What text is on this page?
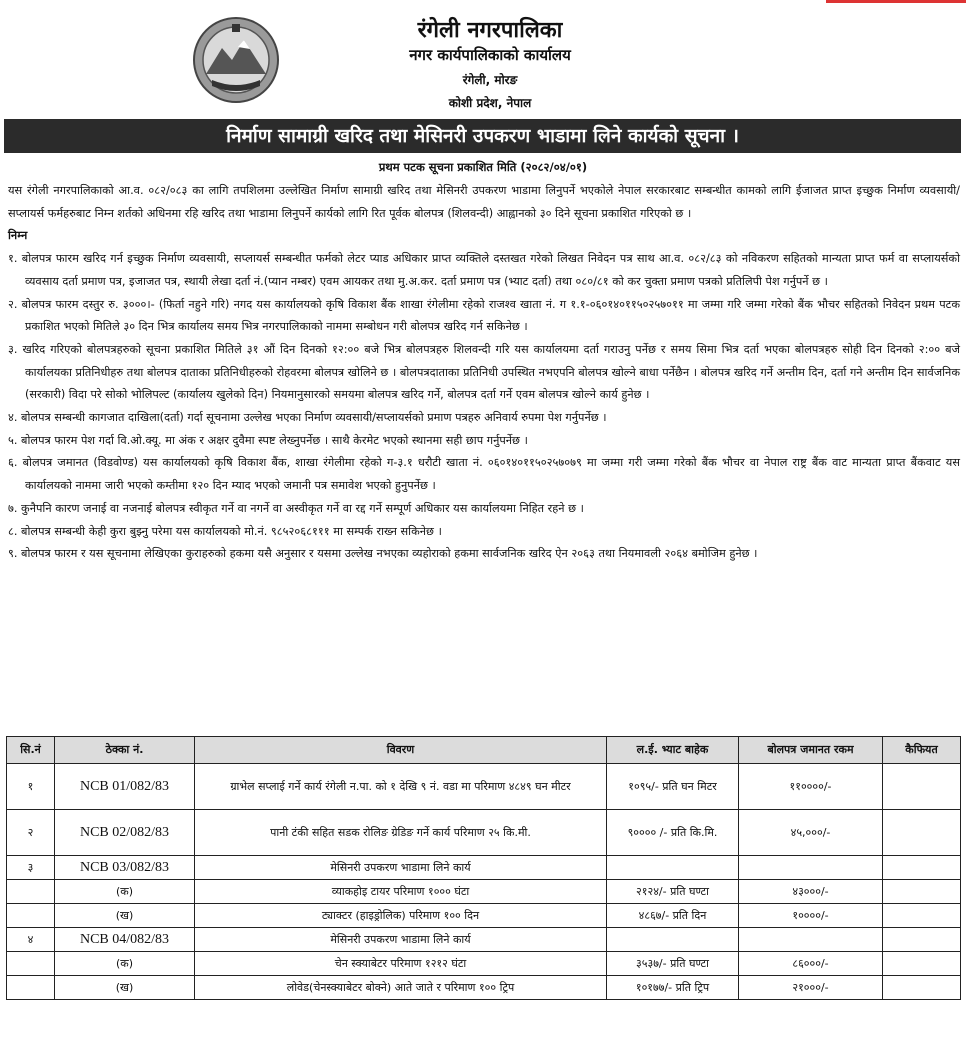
रंगेली नगरपालिका
नगर कार्यपालिकाको कार्यालय
रंगेली, मोरङ
कोशी प्रदेश, नेपाल
निर्माण सामाग्री खरिद तथा मेसिनरी उपकरण भाडामा लिने कार्यको सूचना ।
प्रथम पटक सूचना प्रकाशित मिति (२०८२/०४/०१)

यस रंगेली नगरपालिकाको आ.व. ०८२/०८३ का लागि तपशिलमा उल्लेखित निर्माण सामाग्री खरिद तथा मेसिनरी उपकरण भाडामा लिनुपर्ने भएकोले नेपाल सरकारबाट सम्बन्धीत कामको लागि ईजाजत प्राप्त इच्छुक निर्माण व्यवसायी/सप्लायर्स फर्महरुबाट निम्न शर्तको अधिनमा रहि खरिद तथा भाडामा लिनुपर्ने कार्यको लागि रित पूर्वक बोलपत्र (शिलवन्दी) आह्वानको ३० दिने सूचना प्रकाशित गरिएको छ ।

निम्न

१. बोलपत्र फारम खरिद गर्न इच्छुक निर्माण व्यवसायी, सप्लायर्स सम्बन्धीत फर्मको लेटर प्याड अधिकार प्राप्त व्यक्तिले दस्तखत गरेको लिखत निवेदन पत्र साथ आ.व. ०८२/८३ को नविकरण सहितको मान्यता प्राप्त फर्म वा सप्लायर्सको व्यवसाय दर्ता प्रमाण पत्र, इजाजत पत्र, स्थायी लेखा दर्ता नं.(प्यान नम्बर) एवम आयकर तथा मु.अ.कर. दर्ता प्रमाण पत्र (भ्याट दर्ता) तथा ०८०/८१ को कर चुक्ता प्रमाण पत्रको प्रतिलिपी पेश गर्नुपर्ने छ ।

२. बोलपत्र फारम दस्तुर रु. ३०००।- (फिर्ता नहुने गरि) नगद यस कार्यालयको कृषि विकाश बैंक शाखा रंगेलीमा रहेको राजश्व खाता नं. ग १.१-०६०१४०११५०२५७०११ मा जम्मा गरि जम्मा गरेको बैंक भौचर सहितको निवेदन प्रथम पटक प्रकाशित भएको मितिले ३० दिन भित्र कार्यालय समय भित्र नगरपालिकाको नाममा सम्बोधन गरी बोलपत्र खरिद गर्न सकिनेछ ।

३. खरिद गरिएको बोलपत्रहरुको सूचना प्रकाशित मितिले ३१ औं दिन दिनको १२:०० बजे भित्र बोलपत्रहरु शिलवन्दी गरि यस कार्यालयमा दर्ता गराउनु पर्नेछ र समय सिमा भित्र दर्ता भएका बोलपत्रहरु सोही दिन दिनको २:०० बजे कार्यालयका प्रतिनिधीहरु तथा बोलपत्र दाताका प्रतिनिधीहरुको रोहवरमा बोलपत्र खोलिने छ । बोलपत्रदाताका प्रतिनिधी उपस्थित नभएपनि बोलपत्र खोल्ने बाधा पर्नेछैन । बोलपत्र खरिद गर्ने अन्तीम दिन, दर्ता गने अन्तीम दिन सार्वजनिक (सरकारी) विदा परे सोको भोलिपल्ट (कार्यालय खुलेको दिन) नियमानुसारको समयमा बोलपत्र खरिद गर्ने, बोलपत्र दर्ता गर्ने एवम बोलपत्र खोल्ने कार्य हुनेछ ।

४. बोलपत्र सम्बन्धी कागजात दाखिला(दर्ता) गर्दा सूचनामा उल्लेख भएका निर्माण व्यवसायी/सप्लायर्सको प्रमाण पत्रहरु अनिवार्य रुपमा पेश गर्नुपर्नेछ ।

५. बोलपत्र फारम पेश गर्दा वि.ओ.क्यू. मा अंक र अक्षर दुवैमा स्पष्ट लेख्नुपर्नेछ । साथै केरमेट भएको स्थानमा सही छाप गर्नुपर्नेछ ।

६. बोलपत्र जमानत (विडवोण्ड) यस कार्यालयको कृषि विकाश बैंक, शाखा रंगेलीमा रहेको ग-३.१ धरौटी खाता नं. ०६०१४०११५०२५७०७९ मा जम्मा गरी जम्मा गरेको बैंक भौचर वा नेपाल राष्ट्र बैंक वाट मान्यता प्राप्त बैंकवाट यस कार्यालयको नाममा जारी भएको कम्तीमा १२० दिन म्याद भएको जमानी पत्र समावेश भएको हुनुपर्नेछ ।

७. कुनैपनि कारण जनाई वा नजनाई बोलपत्र स्वीकृत गर्ने वा नगर्ने वा अस्वीकृत गर्ने वा रद्द गर्ने सम्पूर्ण अधिकार यस कार्यालयमा निहित रहने छ ।

८. बोलपत्र सम्बन्धी केही कुरा बुझ्नु परेमा यस कार्यालयको मो.नं. ९८५२०६८१११ मा सम्पर्क राख्न सकिनेछ ।

९. बोलपत्र फारम र यस सूचनामा लेखिएका कुराहरुको हकमा यसै अनुसार र यसमा उल्लेख नभएका व्यहोराको हकमा सार्वजनिक खरिद ऐन २०६३ तथा नियमावली २०६४ बमोजिम हुनेछ ।

सि.नं	ठेक्का नं.	विवरण	ल.ई. भ्याट बाहेक	बोलपत्र जमानत रकम	कैफियत
१	NCB 01/082/83	ग्राभेल सप्लाई गर्ने कार्य रंगेली न.पा. को १ देखि ९ नं. वडा मा परिमाण ४८४९ घन मीटर	१०९५/- प्रति घन मिटर	११००००/-	
२	NCB 02/082/83	पानी टंकी सहित सडक रोलिङ ग्रेडिङ गर्ने कार्य परिमाण २५ कि.मी.	९०००० /- प्रति कि.मि.	४५,०००/-	
३	NCB 03/082/83	मेसिनरी उपकरण भाडामा लिने कार्य			
	(क)	व्याकहोइ टायर परिमाण १००० घंटा	२१२४/- प्रति घण्टा	४३०००/-	
	(ख)	ट्याक्टर (हाइड्रोलिक) परिमाण १०० दिन	४८६७/- प्रति दिन	१००००/-	
४	NCB 04/082/83	मेसिनरी उपकरण भाडामा लिने कार्य			
	(क)	चेन स्क्याबेटर परिमाण १२१२ घंटा	३५३७/- प्रति घण्टा	८६०००/-	
	(ख)	लोवेड(चेनस्क्याबेटर बोक्ने) आते जाते र परिमाण १०० ट्रिप	१०१७७/- प्रति ट्रिप	२१०००/-	
